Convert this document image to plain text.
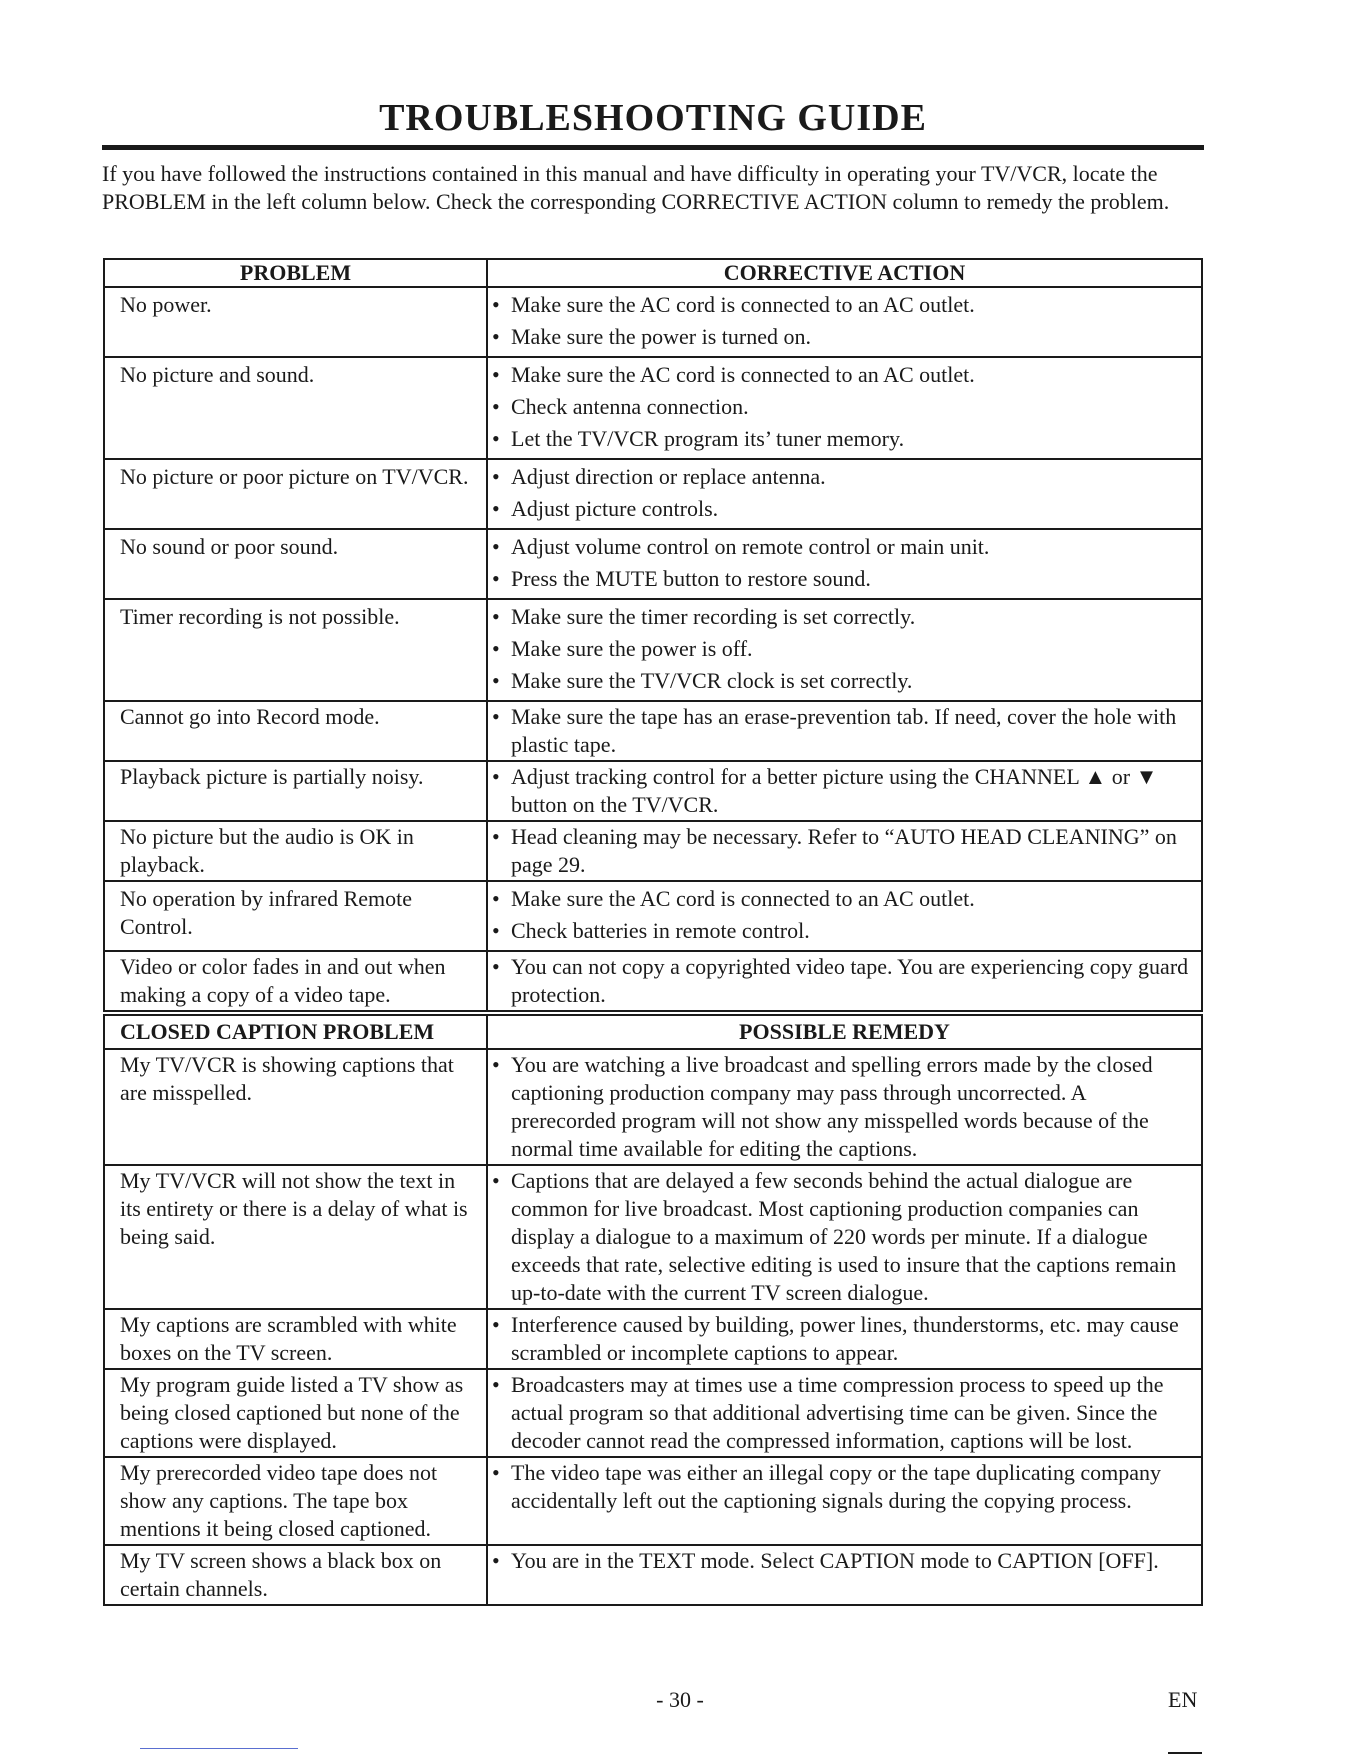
TROUBLESHOOTING GUIDE

If you have followed the instructions contained in this manual and have difficulty in operating your TV/VCR, locate the PROBLEM in the left column below. Check the corresponding CORRECTIVE ACTION column to remedy the problem.

PROBLEM	CORRECTIVE ACTION
No power.	• Make sure the AC cord is connected to an AC outlet.
• Make sure the power is turned on.

No picture and sound.	• Make sure the AC cord is connected to an AC outlet.
• Check antenna connection.
• Let the TV/VCR program its’ tuner memory.

No picture or poor picture on TV/VCR.	• Adjust direction or replace antenna.
• Adjust picture controls.

No sound or poor sound.	• Adjust volume control on remote control or main unit.
• Press the MUTE button to restore sound.

Timer recording is not possible.	• Make sure the timer recording is set correctly.
• Make sure the power is off.
• Make sure the TV/VCR clock is set correctly.

Cannot go into Record mode.	• Make sure the tape has an erase-prevention tab. If need, cover the hole with plastic tape.

Playback picture is partially noisy.	• Adjust tracking control for a better picture using the CHANNEL ▲ or ▼ button on the TV/VCR.

No picture but the audio is OK in playback.	• Head cleaning may be necessary. Refer to “AUTO HEAD CLEANING” on page 29.

No operation by infrared Remote Control.	• Make sure the AC cord is connected to an AC outlet.
• Check batteries in remote control.

Video or color fades in and out when making a copy of a video tape.	• You can not copy a copyrighted video tape. You are experiencing copy guard protection.
CLOSED CAPTION PROBLEM	POSSIBLE REMEDY
My TV/VCR is showing captions that are misspelled.	• You are watching a live broadcast and spelling errors made by the closed captioning production company may pass through uncorrected. A prerecorded program will not show any misspelled words because of the normal time available for editing the captions.

My TV/VCR will not show the text in its entirety or there is a delay of what is being said.	• Captions that are delayed a few seconds behind the actual dialogue are common for live broadcast. Most captioning production companies can display a dialogue to a maximum of 220 words per minute. If a dialogue exceeds that rate, selective editing is used to insure that the captions remain up-to-date with the current TV screen dialogue.

My captions are scrambled with white boxes on the TV screen.	• Interference caused by building, power lines, thunderstorms, etc. may cause scrambled or incomplete captions to appear.

My program guide listed a TV show as being closed captioned but none of the captions were displayed.	• Broadcasters may at times use a time compression process to speed up the actual program so that additional advertising time can be given. Since the decoder cannot read the compressed information, captions will be lost.

My prerecorded video tape does not show any captions. The tape box mentions it being closed captioned.	• The video tape was either an illegal copy or the tape duplicating company accidentally left out the captioning signals during the copying process.

My TV screen shows a black box on certain channels.	• You are in the TEXT mode. Select CAPTION mode to CAPTION [OFF].
- 30 -	EN
